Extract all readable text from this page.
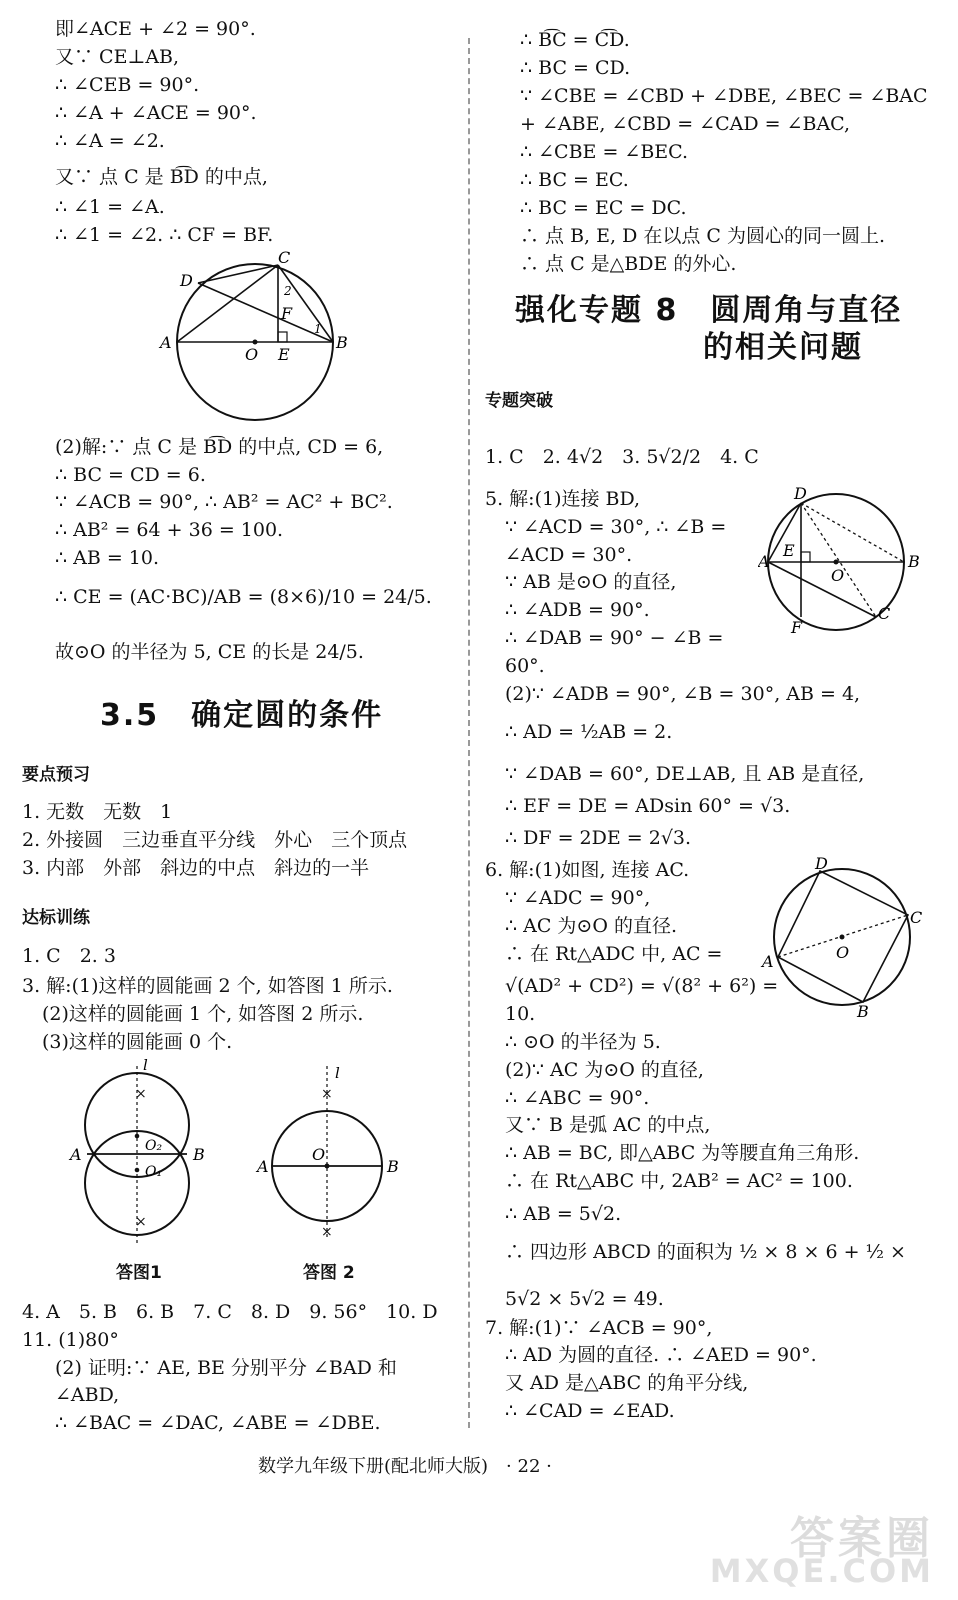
即∠ACE + ∠2 = 90°.
又∵ CE⊥AB,
∴ ∠CEB = 90°.
∴ ∠A + ∠ACE = 90°.
∴ ∠A = ∠2.
又∵ 点 C 是 B͡D 的中点,
∴ ∠1 = ∠A.
∴ ∠1 = ∠2. ∴ CF = BF.
D
C
2
F
1
A
O E
B
(2)解:∵ 点 C 是 B͡D 的中点, CD = 6,
∴ BC = CD = 6.
∵ ∠ACB = 90°, ∴ AB² = AC² + BC².
∴ AB² = 64 + 36 = 100.
∴ AB = 10.
∴ CE = (AC·BC)/AB = (8×6)/10 = 24/5.
故⊙O 的半径为 5, CE 的长是 24/5.
3.5　确定圆的条件
要点预习
1. 无数　无数　1
2. 外接圆　三边垂直平分线　外心　三个顶点
3. 内部　外部　斜边的中点　斜边的一半
达标训练
1. C　2. 3
3. 解:(1)这样的圆能画 2 个, 如答图 1 所示.
(2)这样的圆能画 1 个, 如答图 2 所示.
(3)这样的圆能画 0 个.
×
×
l
A	B
O₂
O₁
答图1
×
×
l
A	B
O
答图 2
4. A　5. B　6. B　7. C　8. D　9. 56°　10. D
11. (1)80°
(2) 证明:∵ AE, BE 分别平分 ∠BAD 和
∠ABD,
∴ ∠BAC = ∠DAC, ∠ABE = ∠DBE.
∴ B͡C = C͡D.
∴ BC = CD.
∵ ∠CBE = ∠CBD + ∠DBE, ∠BEC = ∠BAC
+ ∠ABE, ∠CBD = ∠CAD = ∠BAC,
∴ ∠CBE = ∠BEC.
∴ BC = EC.
∴ BC = EC = DC.
∴ 点 B, E, D 在以点 C 为圆心的同一圆上.
∴ 点 C 是△BDE 的外心.
强化专题 8　圆周角与直径
的相关问题
专题突破
1. C　2. 4√2　3. 5√2/2　4. C
5. 解:(1)连接 BD,
∵ ∠ACD = 30°, ∴ ∠B =
∠ACD = 30°.
∵ AB 是⊙O 的直径,
∴ ∠ADB = 90°.
∴ ∠DAB = 90° − ∠B =
60°.
(2)∵ ∠ADB = 90°, ∠B = 30°, AB = 4,
∴ AD = ½AB = 2.
∵ ∠DAB = 60°, DE⊥AB, 且 AB 是直径,
∴ EF = DE = ADsin 60° = √3.
∴ DF = 2DE = 2√3.
D
A
E
O
B
C
F
6. 解:(1)如图, 连接 AC.
∵ ∠ADC = 90°,
∴ AC 为⊙O 的直径.
∴ 在 Rt△ADC 中, AC =
√(AD² + CD²) = √(8² + 6²) =
10.
∴ ⊙O 的半径为 5.
(2)∵ AC 为⊙O 的直径,
∴ ∠ABC = 90°.
又∵ B 是弧 AC 的中点,
∴ AB = BC, 即△ABC 为等腰直角三角形.
∴ 在 Rt△ABC 中, 2AB² = AC² = 100.
∴ AB = 5√2.
∴ 四边形 ABCD 的面积为 ½ × 8 × 6 + ½ ×
5√2 × 5√2 = 49.
D
C
A	O
B
7. 解:(1)∵ ∠ACB = 90°,
∴ AD 为圆的直径. ∴ ∠AED = 90°.
又 AD 是△ABC 的角平分线,
∴ ∠CAD = ∠EAD.
数学九年级下册(配北师大版)　· 22 ·
答案圈
MXQE.COM
